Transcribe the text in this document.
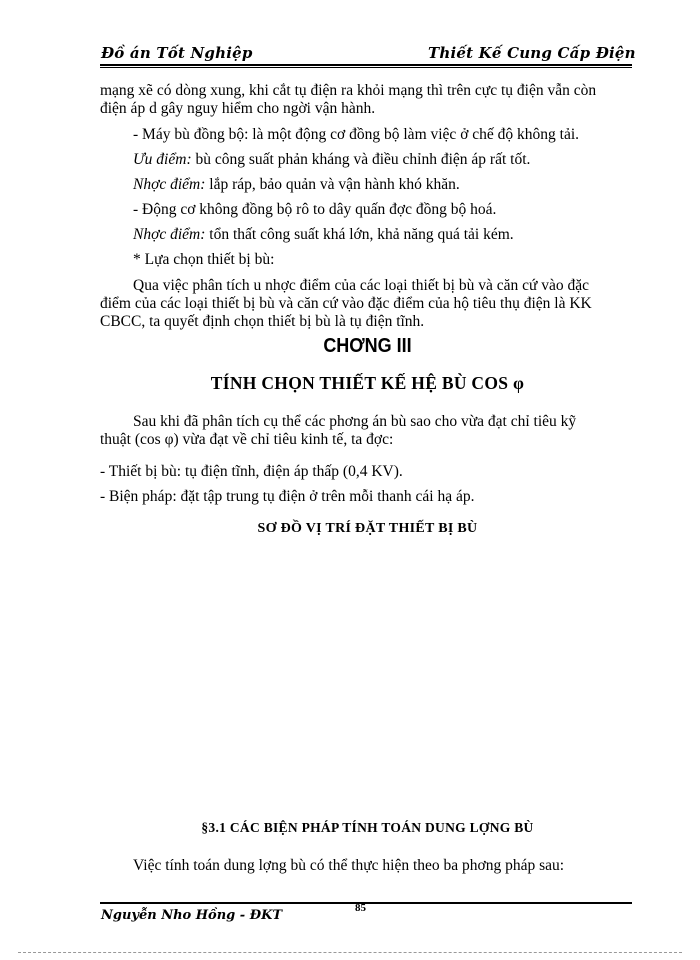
Đồ án Tốt Nghiệp	Thiết Kế Cung Cấp Điện
mạng xẽ có dòng xung, khi cắt tụ điện ra khỏi mạng thì trên cực tụ điện vẫn còn
điện áp d gây nguy hiểm cho ngời vận hành.
- Máy bù đồng bộ: là một động cơ đồng bộ làm việc ở chế độ không tải.
Ưu điểm: bù công suất phản kháng và điều chỉnh điện áp rất tốt.
Nhợc điểm: lắp ráp, bảo quản và vận hành khó khăn.
- Động cơ không đồng bộ rô to dây quấn đợc đồng bộ hoá.
Nhợc điểm: tổn thất công suất khá lớn, khả năng quá tải kém.
* Lựa chọn thiết bị bù:
Qua việc phân tích u nhợc điểm của các loại thiết bị bù và căn cứ vào đặc
điểm của các loại thiết bị bù và căn cứ vào đặc điểm của hộ tiêu thụ điện là KK
CBCC, ta quyết định chọn thiết bị bù là tụ điện tĩnh.
CHƠNG III
TÍNH CHỌN THIẾT KẾ HỆ BÙ COS φ
Sau khi đã phân tích cụ thể các phơng án bù sao cho vừa đạt chỉ tiêu kỹ
thuật (cos φ) vừa đạt về chỉ tiêu kinh tế, ta đợc:
- Thiết bị bù: tụ điện tĩnh, điện áp thấp (0,4 KV).
- Biện pháp: đặt tập trung tụ điện ở trên mỗi thanh cái hạ áp.
SƠ ĐỒ VỊ TRÍ ĐẶT THIẾT BỊ BÙ
§3.1 CÁC BIỆN PHÁP TÍNH TOÁN DUNG LỢNG BÙ
Việc tính toán dung lợng bù có thể thực hiện theo ba phơng pháp sau:
Nguyễn Nho Hồng - ĐKT	85
